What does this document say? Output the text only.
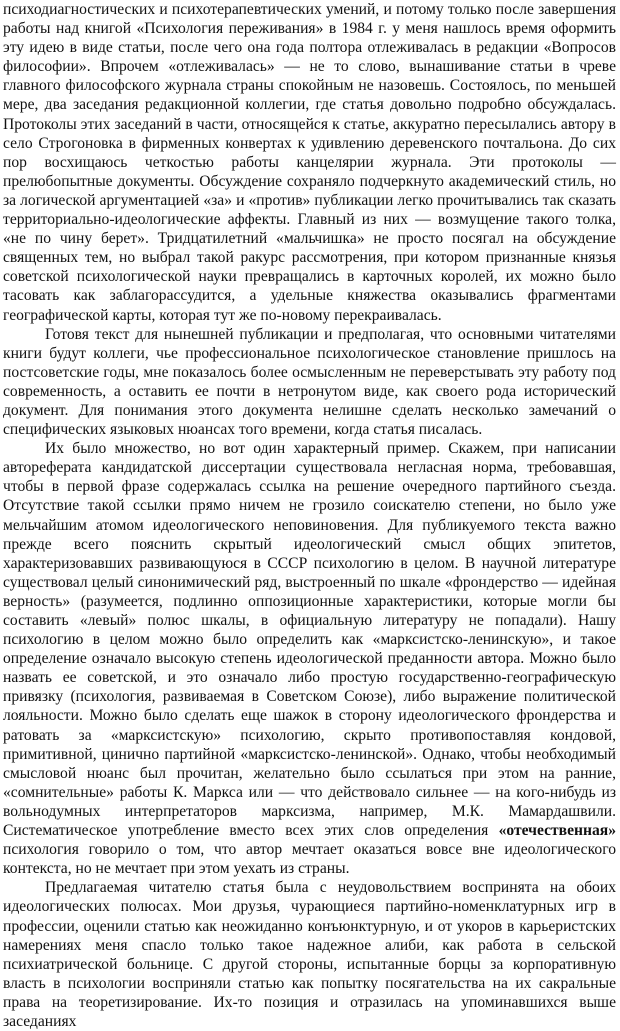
психодиагностических и психотерапевтических умений, и потому только после завершения работы над книгой «Психология переживания» в 1984 г. у меня нашлось время оформить эту идею в виде статьи, после чего она года полтора отлеживалась в редакции «Вопросов философии». Впрочем «отлеживалась» — не то слово, вынашивание статьи в чреве главного философского журнала страны спокойным не назовешь. Состоялось, по меньшей мере, два заседания редакционной коллегии, где статья довольно подробно обсуждалась. Протоколы этих заседаний в части, относящейся к статье, аккуратно пересылались автору в село Строгоновка в фирменных конвертах к удивлению деревенского почтальона. До сих пор восхищаюсь четкостью работы канцелярии журнала. Эти протоколы — прелюбопытные документы. Обсуждение сохраняло подчеркнуто академический стиль, но за логической аргументацией «за» и «против» публикации легко прочитывались так сказать территориально-идеологические аффекты. Главный из них — возмущение такого толка, «не по чину берет». Тридцатилетний «мальчишка» не просто посягал на обсуждение священных тем, но выбрал такой ракурс рассмотрения, при котором признанные князья советской психологической науки превращались в карточных королей, их можно было тасовать как заблагорассудится, а удельные княжества оказывались фрагментами географической карты, которая тут же по-новому перекраивалась.

Готовя текст для нынешней публикации и предполагая, что основными читателями книги будут коллеги, чье профессиональное психологическое становление пришлось на постсоветские годы, мне показалось более осмысленным не переверстывать эту работу под современность, а оставить ее почти в нетронутом виде, как своего рода исторический документ. Для понимания этого документа нелишне сделать несколько замечаний о специфических языковых нюансах того времени, когда статья писалась.

Их было множество, но вот один характерный пример. Скажем, при написании автореферата кандидатской диссертации существовала негласная норма, требовавшая, чтобы в первой фразе содержалась ссылка на решение очередного партийного съезда. Отсутствие такой ссылки прямо ничем не грозило соискателю степени, но было уже мельчайшим атомом идеологического неповиновения. Для публикуемого текста важно прежде всего пояснить скрытый идеологический смысл общих эпитетов, характеризовавших развивающуюся в СССР психологию в целом. В научной литературе существовал целый синонимический ряд, выстроенный по шкале «фрондерство — идейная верность» (разумеется, подлинно оппозиционные характеристики, которые могли бы составить «левый» полюс шкалы, в официальную литературу не попадали). Нашу психологию в целом можно было определить как «марксистско-ленинскую», и такое определение означало высокую степень идеологической преданности автора. Можно было назвать ее советской, и это означало либо простую государственно-географическую привязку (психология, развиваемая в Советском Союзе), либо выражение политической лояльности. Можно было сделать еще шажок в сторону идеологического фрондерства и ратовать за «марксистскую» психологию, скрыто противопоставляя кондовой, примитивной, цинично партийной «марксистско-ленинской». Однако, чтобы необходимый смысловой нюанс был прочитан, желательно было ссылаться при этом на ранние, «сомнительные» работы К. Маркса или — что действовало сильнее — на кого-нибудь из вольнодумных интерпретаторов марксизма, например, М.К. Мамардашвили. Систематическое употребление вместо всех этих слов определения «отечественная» психология говорило о том, что автор мечтает оказаться вовсе вне идеологического контекста, но не мечтает при этом уехать из страны.

Предлагаемая читателю статья была с неудовольствием воспринята на обоих идеологических полюсах. Мои друзья, чурающиеся партийно-номенклатурных игр в профессии, оценили статью как неожиданно конъюнктурную, и от укоров в карьеристских намерениях меня спасло только такое надежное алиби, как работа в сельской психиатрической больнице. С другой стороны, испытанные борцы за корпоративную власть в психологии восприняли статью как попытку посягательства на их сакральные права на теоретизирование. Их-то позиция и отразилась на упоминавшихся выше заседаниях
